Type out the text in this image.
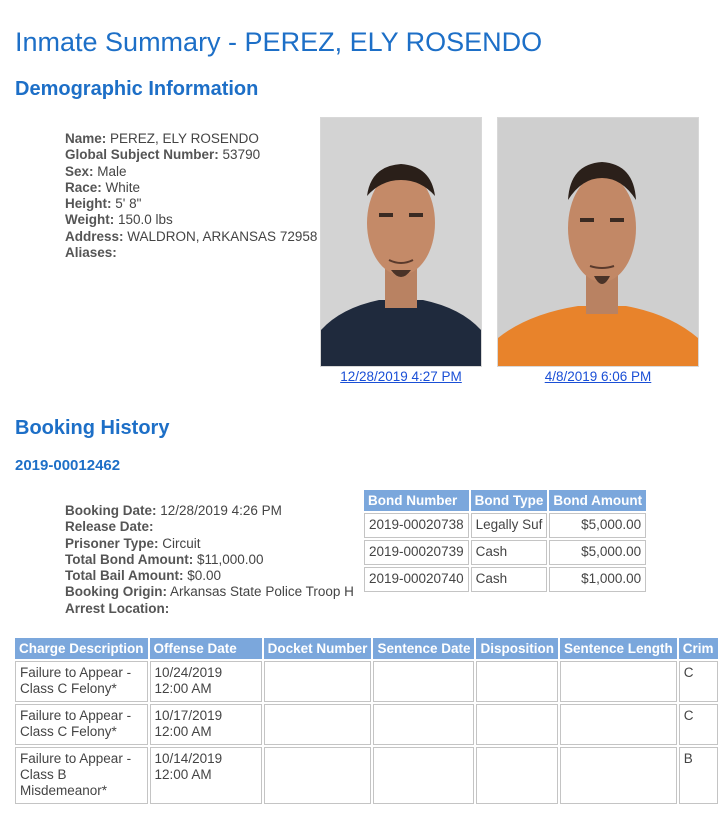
Inmate Summary - PEREZ, ELY ROSENDO
Demographic Information
Name: PEREZ, ELY ROSENDO
Global Subject Number: 53790
Sex: Male
Race: White
Height: 5' 8"
Weight: 150.0 lbs
Address: WALDRON, ARKANSAS 72958
Aliases:
12/28/2019 4:27 PM	4/8/2019 6:06 PM
Booking History
2019-00012462
Booking Date: 12/28/2019 4:26 PM
Release Date:
Prisoner Type: Circuit
Total Bond Amount: $11,000.00
Total Bail Amount: $0.00
Booking Origin: Arkansas State Police Troop H
Arrest Location:
Bond Number	Bond Type	Bond Amount
2019-00020738	Legally Suf	$5,000.00
2019-00020739	Cash	$5,000.00
2019-00020740	Cash	$1,000.00
Charge Description	Offense Date	Docket Number	Sentence Date	Disposition	Sentence Length	Crim
Failure to Appear - Class C Felony*	10/24/2019 12:00 AM					C
Failure to Appear - Class C Felony*	10/17/2019 12:00 AM					C
Failure to Appear - Class B Misdemeanor*	10/14/2019 12:00 AM					B
